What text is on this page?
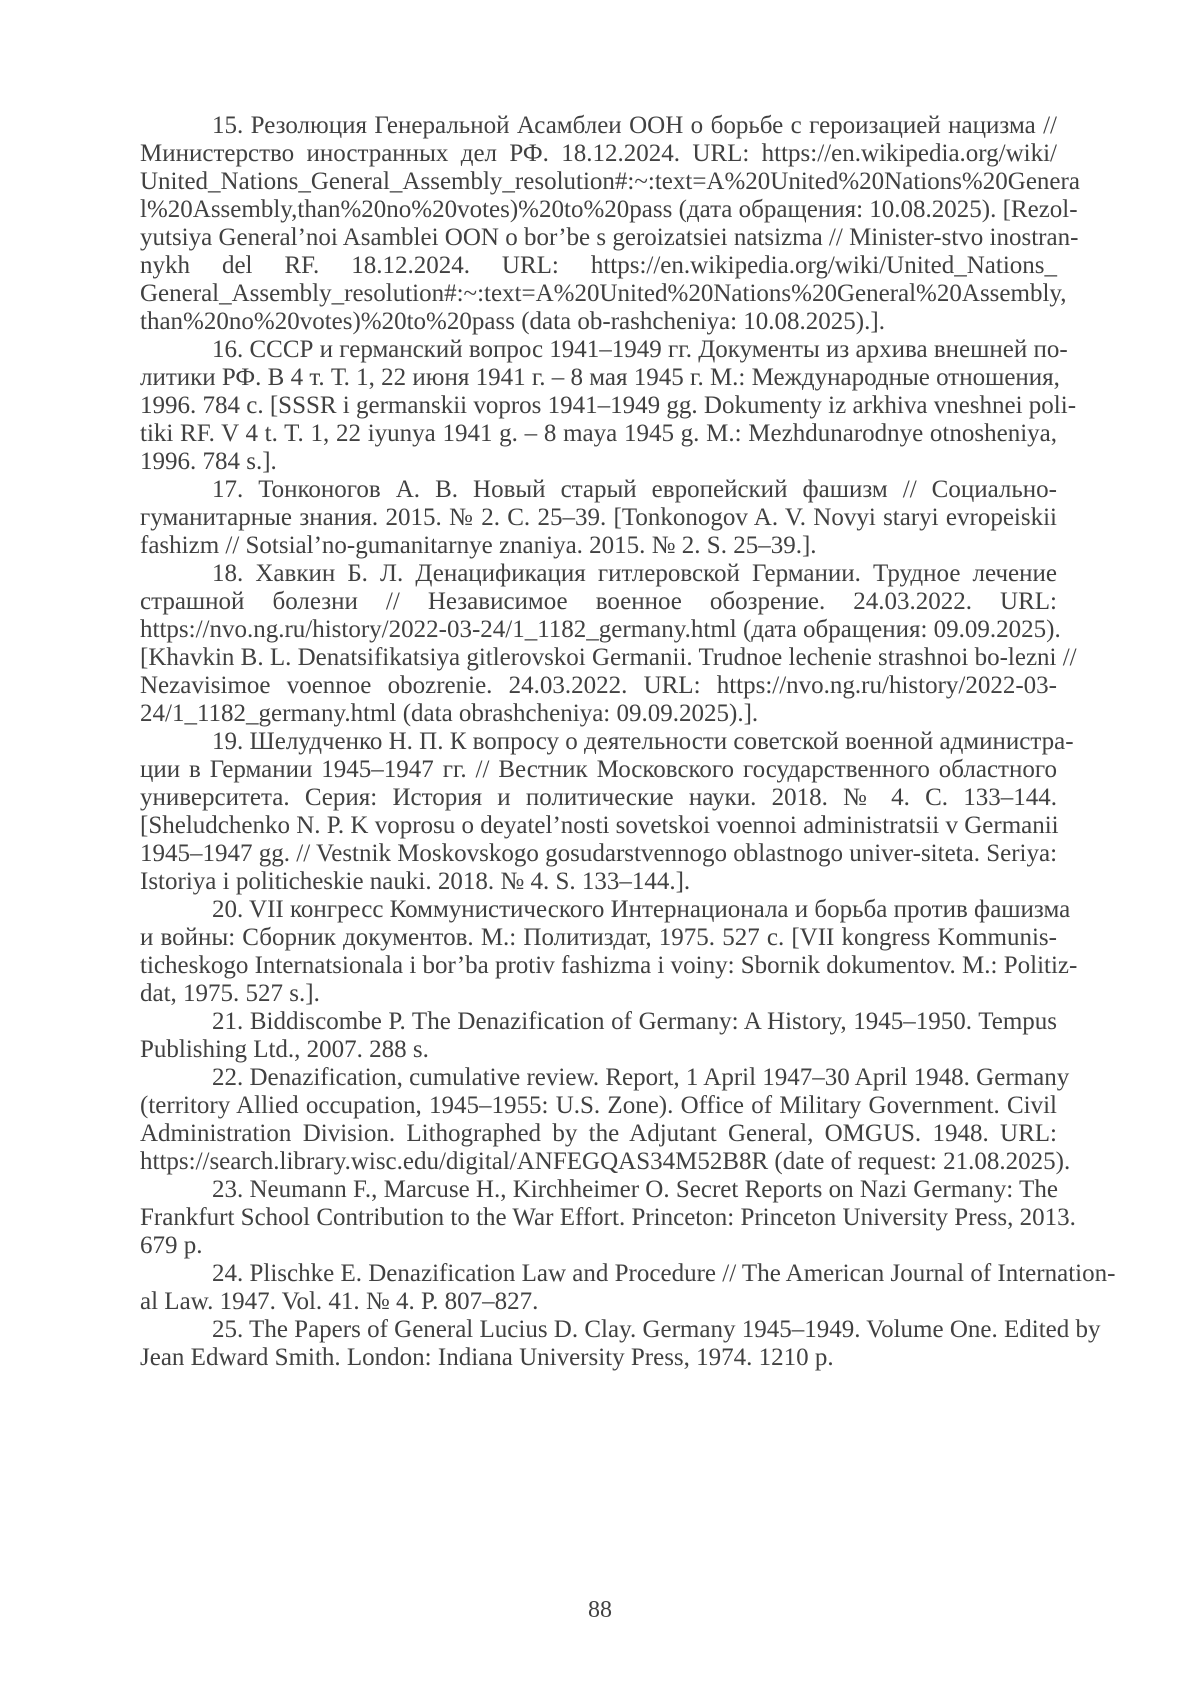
15. Резолюция Генеральной Асамблеи ООН о борьбе с героизацией нацизма //
Министерство иностранных дел РФ. 18.12.2024. URL: https://en.wikipedia.org/wiki/
United_Nations_General_Assembly_resolution#:~:text=A%20United%20Nations%20Genera
l%20Assembly,than%20no%20votes)%20to%20pass (дата обращения: 10.08.2025). [Rezol-
yutsiya General’noi Asamblei OON o bor’be s geroizatsiei natsizma // Minister-stvo inostran-
nykh del RF. 18.12.2024. URL: https://en.wikipedia.org/wiki/United_Nations_
General_Assembly_resolution#:~:text=A%20United%20Nations%20General%20Assembly,
than%20no%20votes)%20to%20pass (data ob-rashcheniya: 10.08.2025).].
16. СССР и германский вопрос 1941–1949 гг. Документы из архива внешней по-
литики РФ. В 4 т. Т. 1, 22 июня 1941 г. – 8 мая 1945 г. М.: Международные отношения,
1996. 784 с. [SSSR i germanskii vopros 1941–1949 gg. Dokumenty iz arkhiva vneshnei poli-
tiki RF. V 4 t. T. 1, 22 iyunya 1941 g. – 8 maya 1945 g. M.: Mezhdunarodnye otnosheniya,
1996. 784 s.].
17. Тонконогов А. В. Новый старый европейский фашизм // Социально-
гуманитарные знания. 2015. № 2. С. 25–39. [Tonkonogov A. V. Novyi staryi evropeiskii
fashizm // Sotsial’no-gumanitarnye znaniya. 2015. № 2. S. 25–39.].
18. Хавкин Б. Л. Денацификация гитлеровской Германии. Трудное лечение
страшной болезни // Независимое военное обозрение. 24.03.2022. URL:
https://nvo.ng.ru/history/2022-03-24/1_1182_germany.html (дата обращения: 09.09.2025).
[Khavkin B. L. Denatsifikatsiya gitlerovskoi Germanii. Trudnoe lechenie strashnoi bo-lezni //
Nezavisimoe voennoe obozrenie. 24.03.2022. URL: https://nvo.ng.ru/history/2022-03-
24/1_1182_germany.html (data obrashcheniya: 09.09.2025).].
19. Шелудченко Н. П. К вопросу о деятельности советской военной администра-
ции в Германии 1945–1947 гг. // Вестник Московского государственного областного
университета. Серия: История и политические науки. 2018. № 4. С. 133–144.
[Sheludchenko N. P. K voprosu o deyatel’nosti sovetskoi voennoi administratsii v Germanii
1945–1947 gg. // Vestnik Moskovskogo gosudarstvennogo oblastnogo univer-siteta. Seriya:
Istoriya i politicheskie nauki. 2018. № 4. S. 133–144.].
20. VII конгресс Коммунистического Интернационала и борьба против фашизма
и войны: Сборник документов. М.: Политиздат, 1975. 527 с. [VII kongress Kommunis-
ticheskogo Internatsionala i bor’ba protiv fashizma i voiny: Sbornik dokumentov. M.: Politiz-
dat, 1975. 527 s.].
21. Biddiscombe P. The Denazification of Germany: A History, 1945–1950. Tempus
Publishing Ltd., 2007. 288 s.
22. Denazification, cumulative review. Report, 1 April 1947–30 April 1948. Germany
(territory Allied occupation, 1945–1955: U.S. Zone). Office of Military Government. Civil
Administration Division. Lithographed by the Adjutant General, OMGUS. 1948. URL:
https://search.library.wisc.edu/digital/ANFEGQAS34M52B8R (date of request: 21.08.2025).
23. Neumann F., Marcuse H., Kirchheimer O. Secret Reports on Nazi Germany: The
Frankfurt School Contribution to the War Effort. Princeton: Princeton University Press, 2013.
679 p.
24. Plischke E. Denazification Law and Procedure // The American Journal of Internation-
al Law. 1947. Vol. 41. № 4. P. 807–827.
25. The Papers of General Lucius D. Clay. Germany 1945–1949. Volume One. Edited by
Jean Edward Smith. London: Indiana University Press, 1974. 1210 p.
88
